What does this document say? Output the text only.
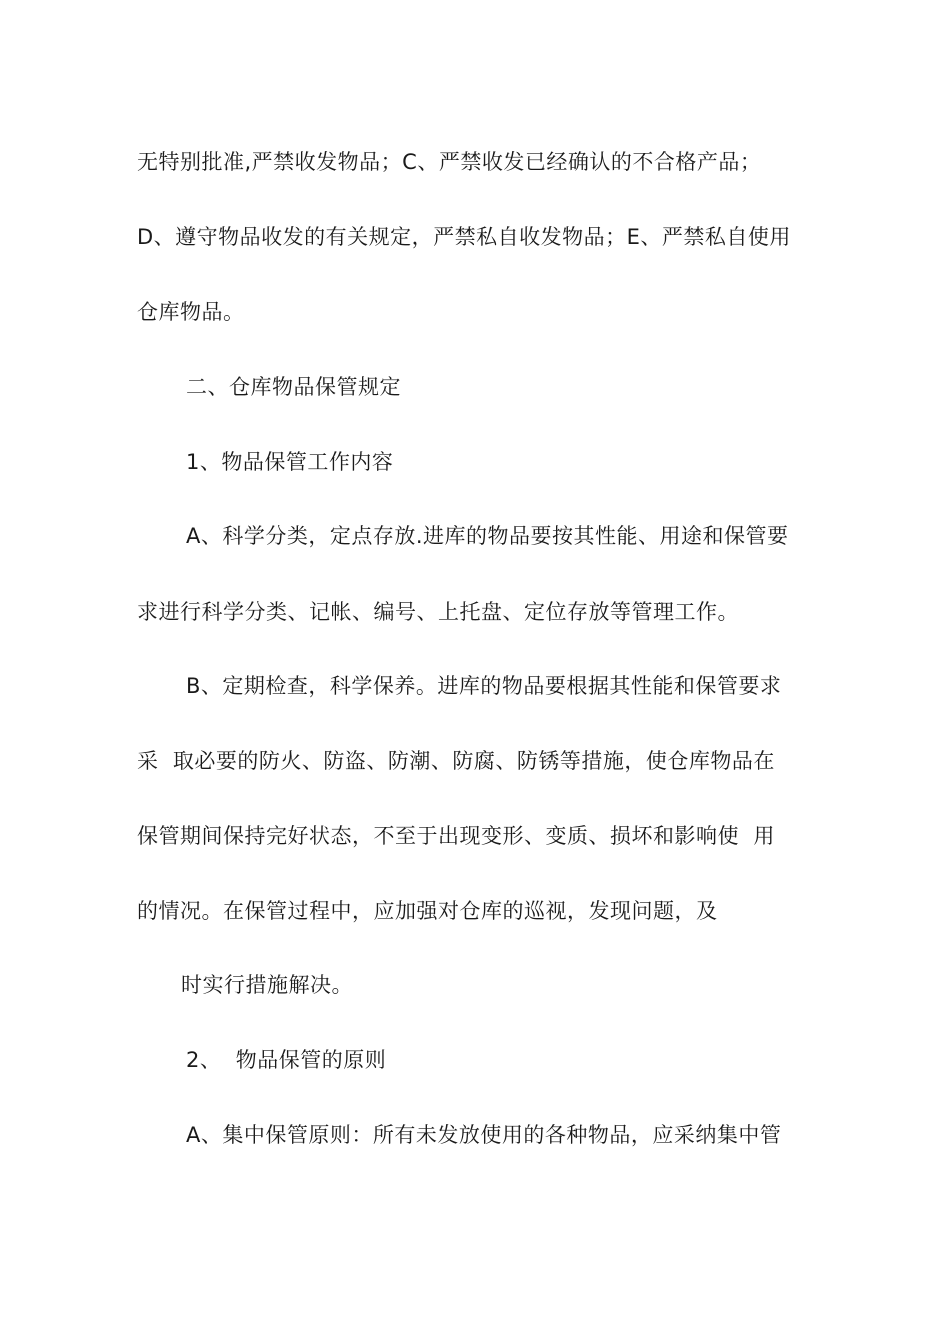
无特别批准,严禁收发物品；C、严禁收发已经确认的不合格产品；
D、遵守物品收发的有关规定，严禁私自收发物品；E、严禁私自使用
仓库物品。
二、仓库物品保管规定
1、物品保管工作内容
A、科学分类，定点存放.进库的物品要按其性能、用途和保管要
求进行科学分类、记帐、编号、上托盘、定位存放等管理工作。
B、定期检查，科学保养。进库的物品要根据其性能和保管要求
采  取必要的防火、防盗、防潮、防腐、防锈等措施，使仓库物品在
保管期间保持完好状态，不至于出现变形、变质、损坏和影响使  用
的情况。在保管过程中，应加强对仓库的巡视，发现问题，及
时实行措施解决。
2、  物品保管的原则
A、集中保管原则：所有未发放使用的各种物品，应采纳集中管
